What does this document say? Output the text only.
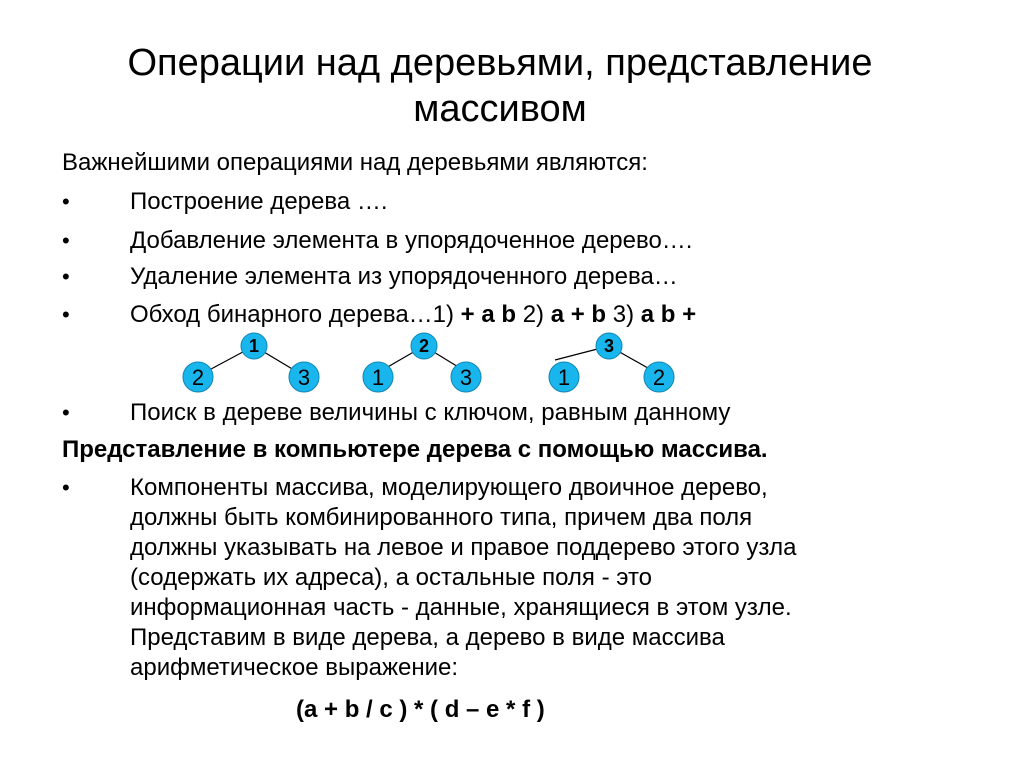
Операции над деревьями, представление массивом
Важнейшими операциями над деревьями являются:
•	Построение дерева ….
•	Добавление элемента в упорядоченное дерево….
•	Удаление элемента из упорядоченного дерева…
•	Обход бинарного дерева…1) + a b 2) a + b 3) a b +
1
2	3
2
1	3
3
1	2
•	Поиск в дереве величины с ключом, равным данному
Представление в компьютере дерева с помощью массива.
•	Компоненты массива, моделирующего двоичное дерево,
должны быть комбинированного типа, причем два поля
должны указывать на левое и правое поддерево этого узла
(содержать их адреса), а остальные поля - это
информационная часть - данные, хранящиеся в этом узле.
Представим в виде дерева, а дерево в виде массива
арифметическое выражение:
(a + b / c ) * ( d – e * f )
